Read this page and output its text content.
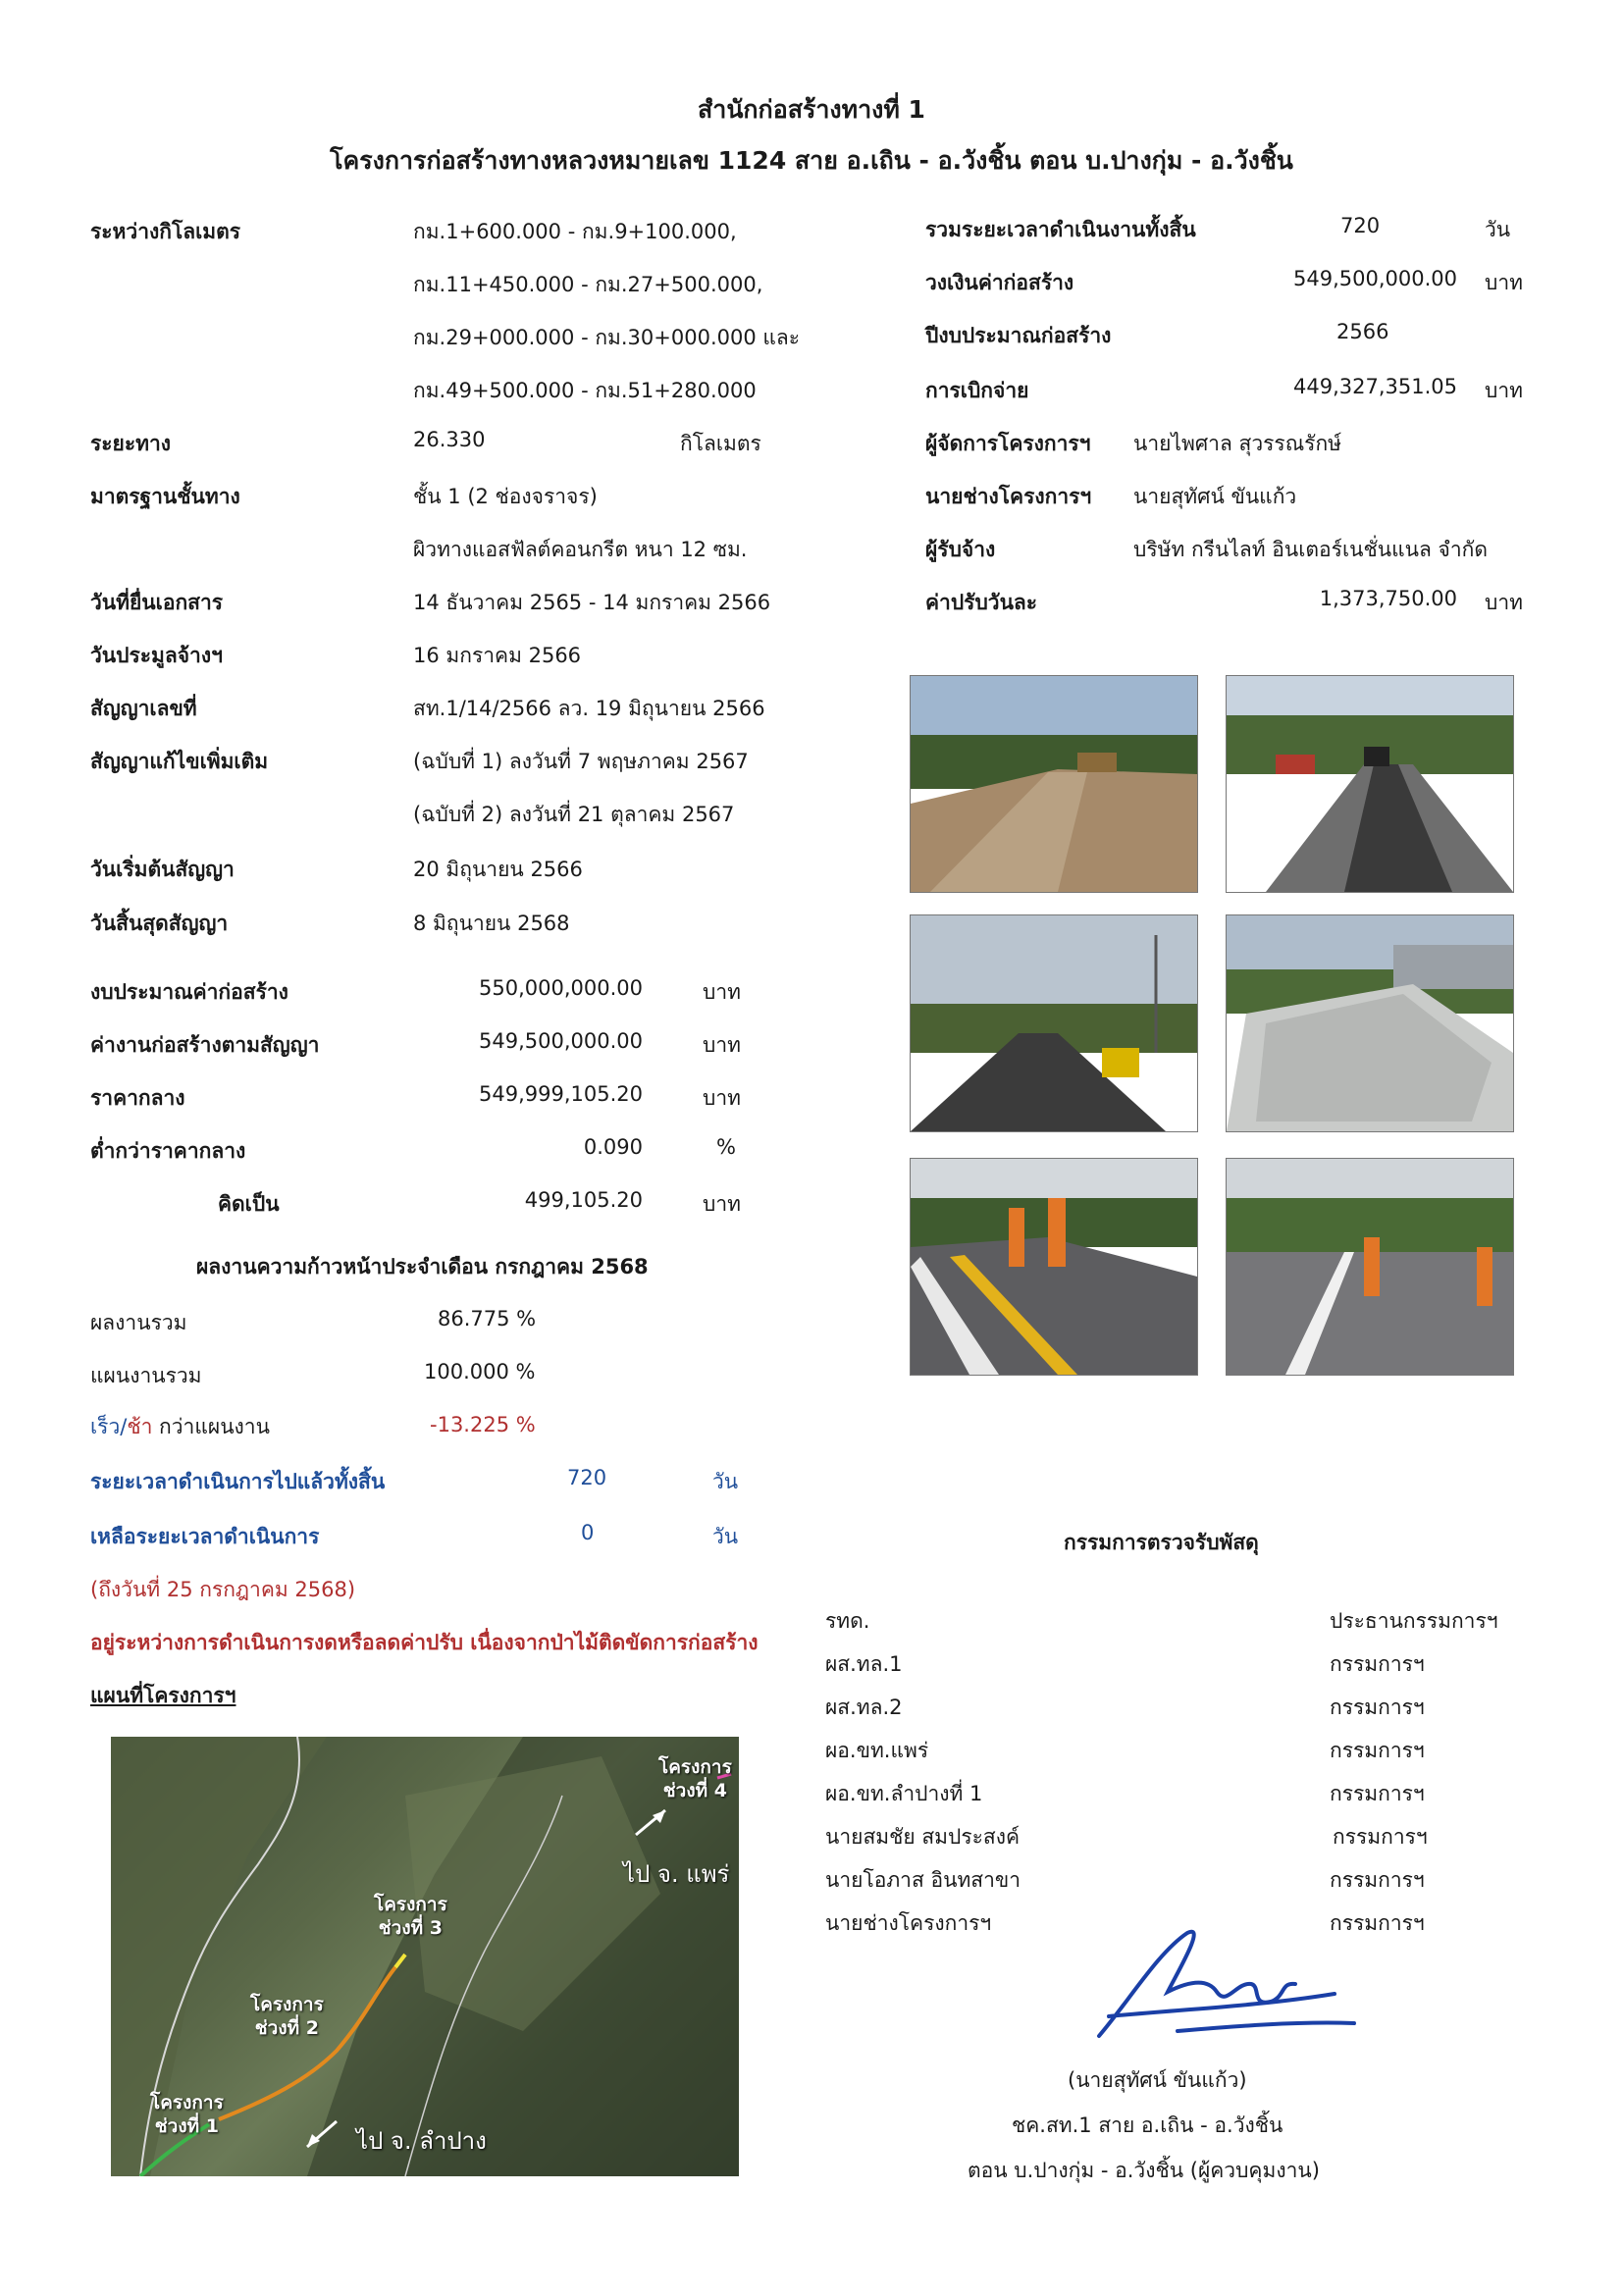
สำนักก่อสร้างทางที่ 1
โครงการก่อสร้างทางหลวงหมายเลข 1124 สาย อ.เถิน - อ.วังชิ้น ตอน บ.ปางกุ่ม - อ.วังชิ้น
ระหว่างกิโลเมตร	กม.1+600.000 - กม.9+100.000,
กม.11+450.000 - กม.27+500.000,
กม.29+000.000 - กม.30+000.000 และ
กม.49+500.000 - กม.51+280.000
ระยะทาง	26.330	กิโลเมตร
มาตรฐานชั้นทาง	ชั้น 1 (2 ช่องจราจร)
ผิวทางแอสฟัลต์คอนกรีต หนา 12 ซม.
วันที่ยื่นเอกสาร	14 ธันวาคม 2565 - 14 มกราคม 2566
วันประมูลจ้างฯ	16 มกราคม 2566
สัญญาเลขที่	สท.1/14/2566 ลว. 19 มิถุนายน 2566
สัญญาแก้ไขเพิ่มเติม	(ฉบับที่ 1) ลงวันที่ 7 พฤษภาคม 2567
(ฉบับที่ 2) ลงวันที่ 21 ตุลาคม 2567
วันเริ่มต้นสัญญา	20 มิถุนายน 2566
วันสิ้นสุดสัญญา	8 มิถุนายน 2568
งบประมาณค่าก่อสร้าง	550,000,000.00	บาท
ค่างานก่อสร้างตามสัญญา	549,500,000.00	บาท
ราคากลาง	549,999,105.20	บาท
ต่ำกว่าราคากลาง	0.090	%
คิดเป็น	499,105.20	บาท
ผลงานความก้าวหน้าประจำเดือน กรกฎาคม 2568
ผลงานรวม	86.775 %
แผนงานรวม	100.000 %
เร็ว/ช้า กว่าแผนงาน	-13.225 %
ระยะเวลาดำเนินการไปแล้วทั้งสิ้น	720	วัน
เหลือระยะเวลาดำเนินการ	0	วัน
(ถึงวันที่ 25 กรกฎาคม 2568)
อยู่ระหว่างการดำเนินการงดหรือลดค่าปรับ เนื่องจากป่าไม้ติดขัดการก่อสร้าง
แผนที่โครงการฯ
โครงการ
ช่วงที่ 1
โครงการ
ช่วงที่ 2
โครงการ
ช่วงที่ 3
โครงการ
ช่วงที่ 4
ไป จ. แพร่
ไป จ. ลำปาง
รวมระยะเวลาดำเนินงานทั้งสิ้น	720	วัน
วงเงินค่าก่อสร้าง	549,500,000.00 บาท
ปีงบประมาณก่อสร้าง	2566
การเบิกจ่าย	449,327,351.05 บาท
ผู้จัดการโครงการฯ นายไพศาล สุวรรณรักษ์
นายช่างโครงการฯ นายสุทัศน์ ขันแก้ว
ผู้รับจ้าง	บริษัท กรีนไลท์ อินเตอร์เนชั่นแนล จำกัด
ค่าปรับวันละ	1,373,750.00 บาท
กรรมการตรวจรับพัสดุ
รทด.	ประธานกรรมการฯ
ผส.ทล.1	กรรมการฯ
ผส.ทล.2	กรรมการฯ
ผอ.ขท.แพร่	กรรมการฯ
ผอ.ขท.ลำปางที่ 1	กรรมการฯ
นายสมชัย สมประสงค์	กรรมการฯ
นายโอภาส อินทสาขา	กรรมการฯ
นายช่างโครงการฯ	กรรมการฯ
(นายสุทัศน์ ขันแก้ว)
ชค.สท.1 สาย อ.เถิน - อ.วังชิ้น
ตอน บ.ปางกุ่ม - อ.วังชิ้น (ผู้ควบคุมงาน)
